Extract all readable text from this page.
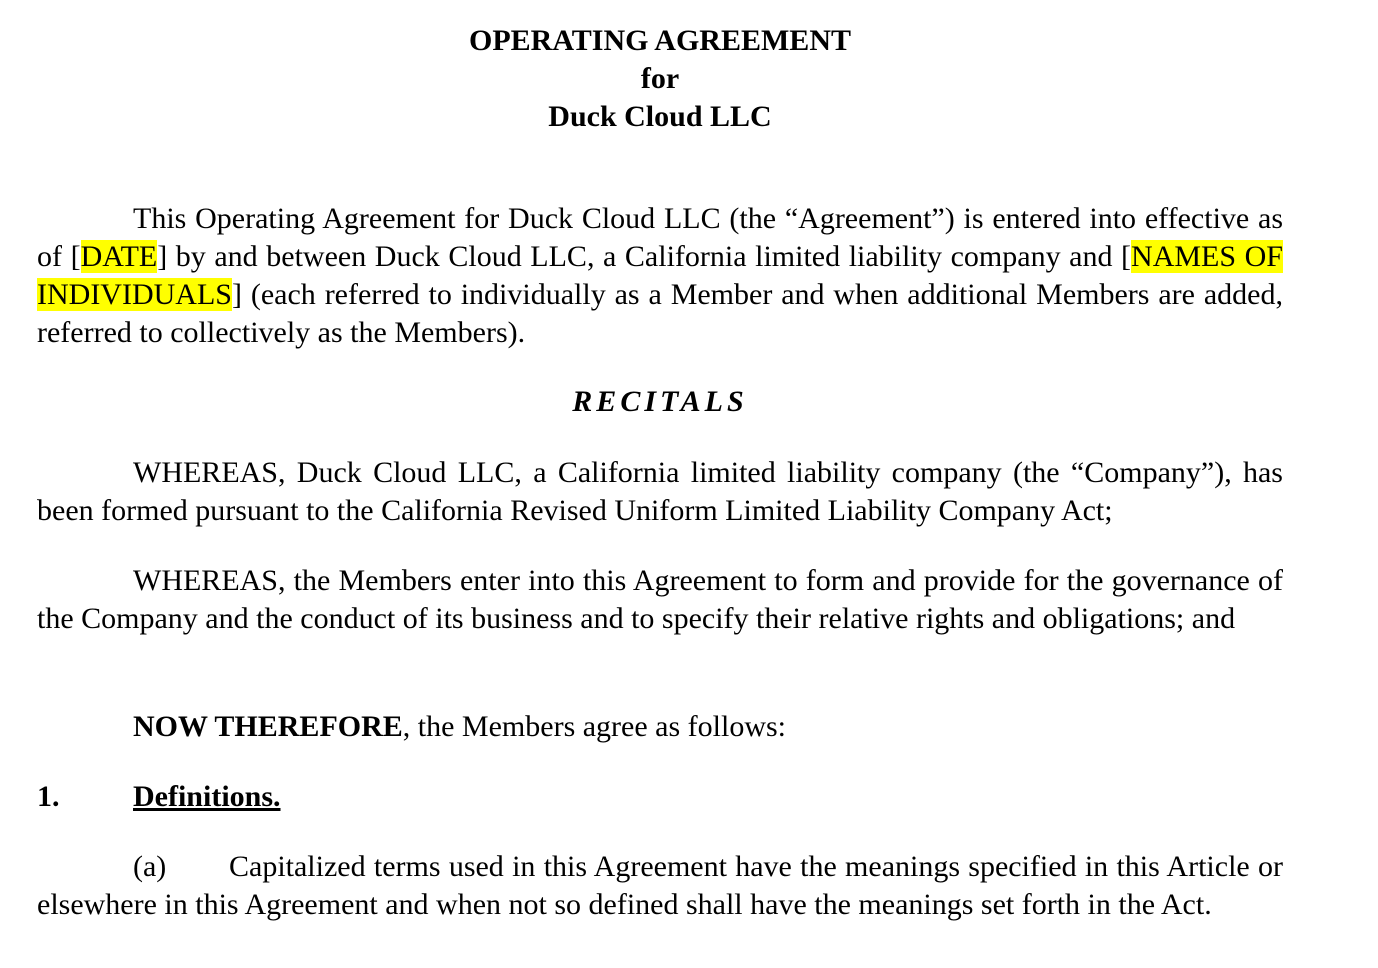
OPERATING AGREEMENT
for
Duck Cloud LLC
This Operating Agreement for Duck Cloud LLC (the “Agreement”) is entered into effective as of [DATE] by and between Duck Cloud LLC, a California limited liability company and [NAMES OF INDIVIDUALS] (each referred to individually as a Member and when additional Members are added, referred to collectively as the Members).
RECITALS
WHEREAS, Duck Cloud LLC, a California limited liability company (the “Company”), has been formed pursuant to the California Revised Uniform Limited Liability Company Act;
WHEREAS, the Members enter into this Agreement to form and provide for the governance of the Company and the conduct of its business and to specify their relative rights and obligations; and
NOW THEREFORE, the Members agree as follows:
1. Definitions.
(a) Capitalized terms used in this Agreement have the meanings specified in this Article or elsewhere in this Agreement and when not so defined shall have the meanings set forth in the Act.
